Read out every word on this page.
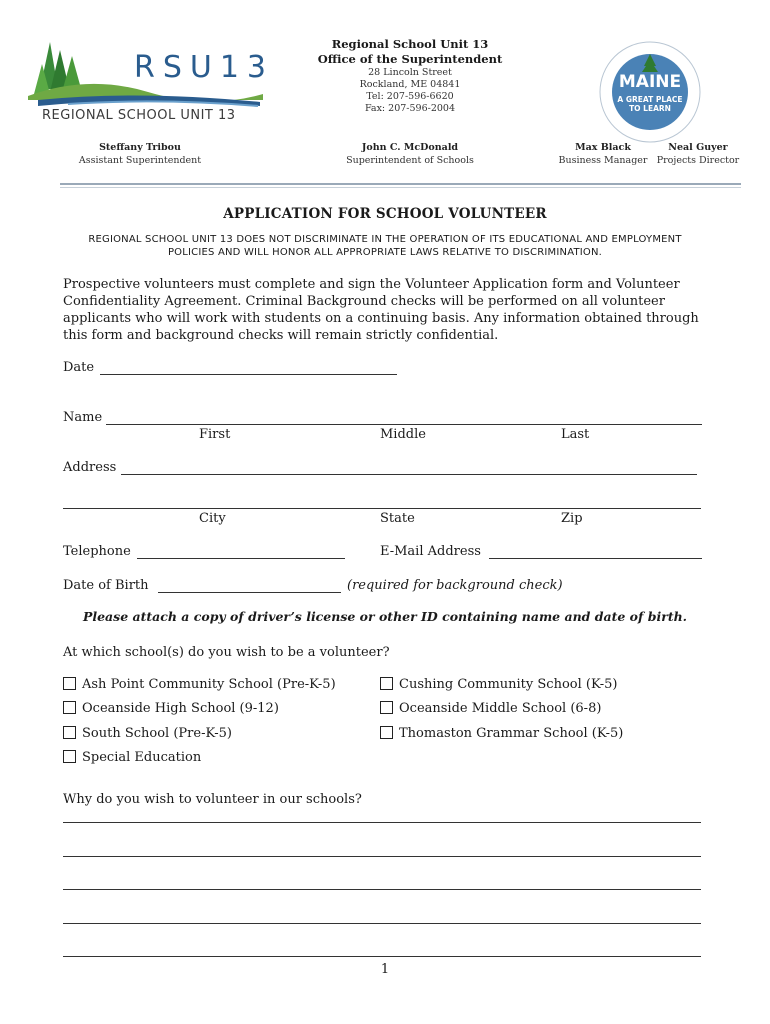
RSU13
REGIONAL SCHOOL UNIT 13
Regional School Unit 13
Office of the Superintendent
28 Lincoln Street
Rockland, ME 04841
Tel: 207-596-6620
Fax: 207-596-2004
MAINE
A GREAT PLACE
TO LEARN
Steffany Tribou
Assistant Superintendent
John C. McDonald
Superintendent of Schools
Max Black
Business Manager
Neal Guyer
Projects Director
APPLICATION FOR SCHOOL VOLUNTEER
REGIONAL SCHOOL UNIT 13 DOES NOT DISCRIMINATE IN THE OPERATION OF ITS EDUCATIONAL AND EMPLOYMENT POLICIES AND WILL HONOR ALL APPROPRIATE LAWS RELATIVE TO DISCRIMINATION.
Prospective volunteers must complete and sign the Volunteer Application form and Volunteer Confidentiality Agreement. Criminal Background checks will be performed on all volunteer applicants who will work with students on a continuing basis. Any information obtained through this form and background checks will remain strictly confidential.
Date
Name
First	Middle	Last
Address
City	State	Zip
Telephone	E-Mail Address
Date of Birth	(required for background check)
Please attach a copy of driver’s license or other ID containing name and date of birth.
At which school(s) do you wish to be a volunteer?
Ash Point Community School (Pre-K-5)	Cushing Community School (K-5)
Oceanside High School (9-12)	Oceanside Middle School (6-8)
South School (Pre-K-5)	Thomaston Grammar School (K-5)
Special Education
Why do you wish to volunteer in our schools?
1
